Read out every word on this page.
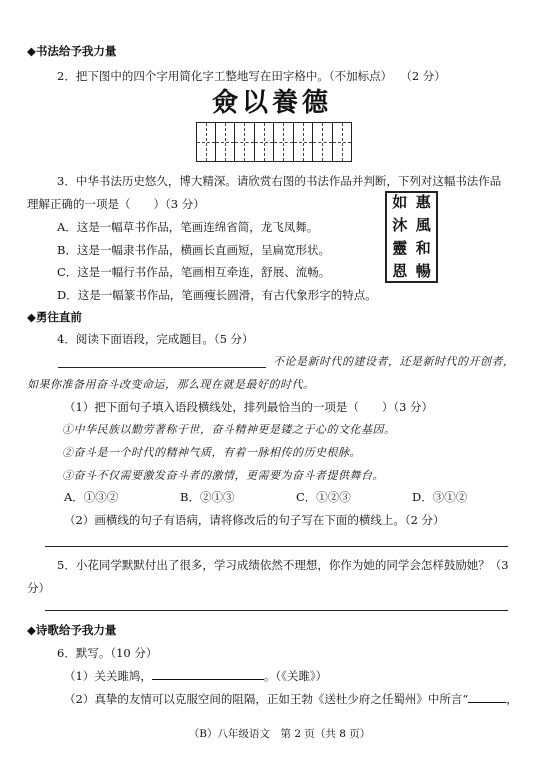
◆书法给予我力量
2．把下图中的四个字用简化字工整地写在田字格中。（不加标点） （2 分）
僉以養德
3．中华书法历史悠久，博大精深。请欣赏右图的书法作品并判断，下列对这幅书法作品
理解正确的一项是（　　）（3 分）
A．这是一幅草书作品，笔画连绵省简，龙飞凤舞。
B．这是一幅隶书作品，横画长直画短，呈扁宽形状。
C．这是一幅行书作品，笔画相互牵连，舒展、流畅。
D．这是一幅篆书作品，笔画瘦长圆滑，有古代象形字的特点。
惠
風
和
暢
如
沐
靈
恩
◆勇往直前
4．阅读下面语段，完成题目。（5 分）
不论是新时代的建设者，还是新时代的开创者，
如果你准备用奋斗改变命运，那么现在就是最好的时代。
（1）把下面句子填入语段横线处，排列最恰当的一项是（　　）（3 分）
①中华民族以勤劳著称于世，奋斗精神更是镂之于心的文化基因。
②奋斗是一个时代的精神气质，有着一脉相传的历史根脉。
③奋斗不仅需要激发奋斗者的激情，更需要为奋斗者提供舞台。
A．①③②	B．②①③	C．①②③	D．③①②
（2）画横线的句子有语病，请将修改后的句子写在下面的横线上。（2 分）
5．小花同学默默付出了很多，学习成绩依然不理想，你作为她的同学会怎样鼓励她？（3
分）
◆诗歌给予我力量
6．默写。（10 分）
（1）关关雎鸠，	。（《关雎》）
（2）真挚的友情可以克服空间的阻隔，正如王勃《送杜少府之任蜀州》中所言“	，
（B）八年级语文　第 2 页（共 8 页）
